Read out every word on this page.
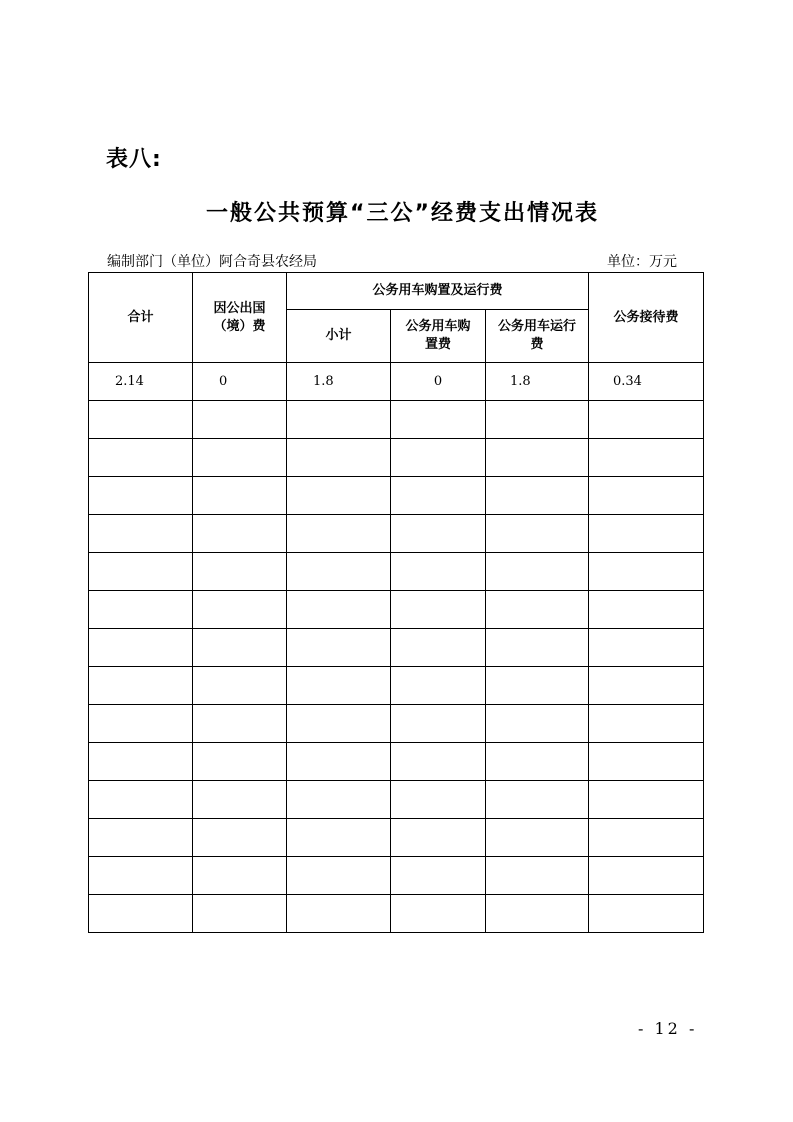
表八:
一般公共预算“三公”经费支出情况表
编制部门（单位）阿合奇县农经局	单位：万元
合计	因公出国（境）费	公务用车购置及运行费			公务接待费
		小计	公务用车购置费	公务用车运行费	
2.14	0	1.8	0	1.8	0.34

- 12 -
